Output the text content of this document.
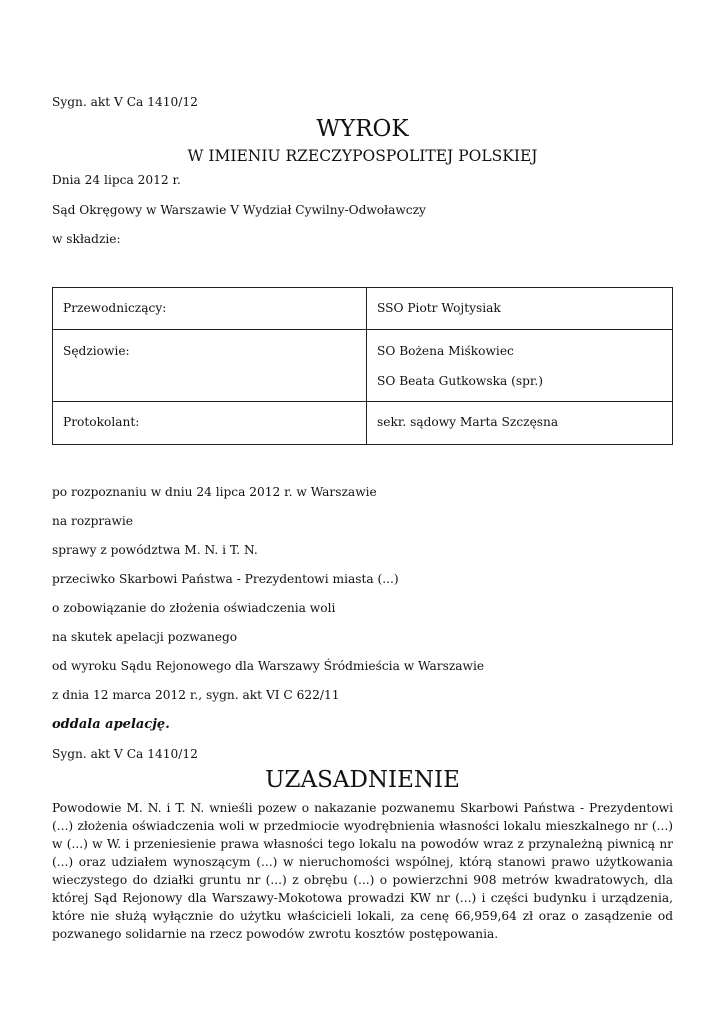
Sygn. akt V Ca 1410/12
WYROK
W IMIENIU RZECZYPOSPOLITEJ POLSKIEJ
Dnia 24 lipca 2012 r.
Sąd Okręgowy w Warszawie V Wydział Cywilny-Odwoławczy
w składzie:
Przewodniczący:	SSO Piotr Wojtysiak
Sędziowie:	SO Bożena Miśkowiec
SO Beata Gutkowska (spr.)

Protokolant:	sekr. sądowy Marta Szczęsna
po rozpoznaniu w dniu 24 lipca 2012 r. w Warszawie
na rozprawie
sprawy z powództwa M. N. i T. N.
przeciwko Skarbowi Państwa - Prezydentowi miasta (...)
o zobowiązanie do złożenia oświadczenia woli
na skutek apelacji pozwanego
od wyroku Sądu Rejonowego dla Warszawy Śródmieścia w Warszawie
z dnia 12 marca 2012 r., sygn. akt VI C 622/11
oddala apelację.
Sygn. akt V Ca 1410/12
UZASADNIENIE

Powodowie M. N. i T. N. wnieśli pozew o nakazanie pozwanemu Skarbowi Państwa - Prezydentowi (...) złożenia oświadczenia woli w przedmiocie wyodrębnienia własności lokalu mieszkalnego nr (...) w (...) w W. i przeniesienie prawa własności tego lokalu na powodów wraz z przynależną piwnicą nr (...) oraz udziałem wynoszącym (...) w nieruchomości wspólnej, którą stanowi prawo użytkowania wieczystego do działki gruntu nr (...) z obrębu (...) o powierzchni 908 metrów kwadratowych, dla której Sąd Rejonowy dla Warszawy-Mokotowa prowadzi KW nr (...) i części budynku i urządzenia, które nie służą wyłącznie do użytku właścicieli lokali, za cenę 66,959,64 zł oraz o zasądzenie od pozwanego solidarnie na rzecz powodów zwrotu kosztów postępowania.
